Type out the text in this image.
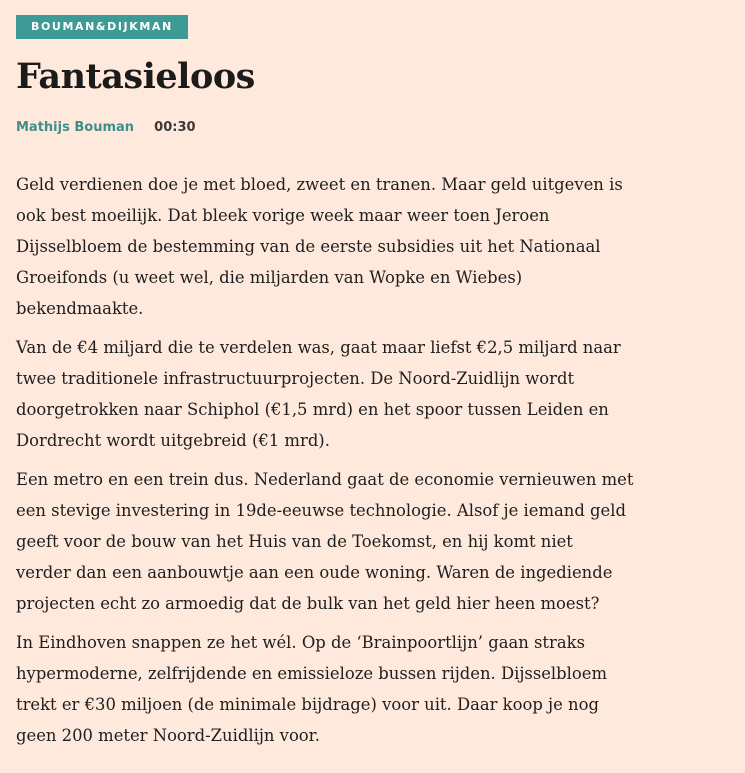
BOUMAN&DIJKMAN
Fantasieloos
Mathijs Bouman 00:30

Geld verdienen doe je met bloed, zweet en tranen. Maar geld uitgeven is
ook best moeilijk. Dat bleek vorige week maar weer toen Jeroen
Dijsselbloem de bestemming van de eerste subsidies uit het Nationaal
Groeifonds (u weet wel, die miljarden van Wopke en Wiebes)
bekendmaakte.

Van de €4 miljard die te verdelen was, gaat maar liefst €2,5 miljard naar
twee traditionele infrastructuurprojecten. De Noord-Zuidlijn wordt
doorgetrokken naar Schiphol (€1,5 mrd) en het spoor tussen Leiden en
Dordrecht wordt uitgebreid (€1 mrd).

Een metro en een trein dus. Nederland gaat de economie vernieuwen met
een stevige investering in 19de-eeuwse technologie. Alsof je iemand geld
geeft voor de bouw van het Huis van de Toekomst, en hij komt niet
verder dan een aanbouwtje aan een oude woning. Waren de ingediende
projecten echt zo armoedig dat de bulk van het geld hier heen moest?

In Eindhoven snappen ze het wél. Op de ‘Brainpoortlijn’ gaan straks
hypermoderne, zelfrijdende en emissieloze bussen rijden. Dijsselbloem
trekt er €30 miljoen (de minimale bijdrage) voor uit. Daar koop je nog
geen 200 meter Noord-Zuidlijn voor.
